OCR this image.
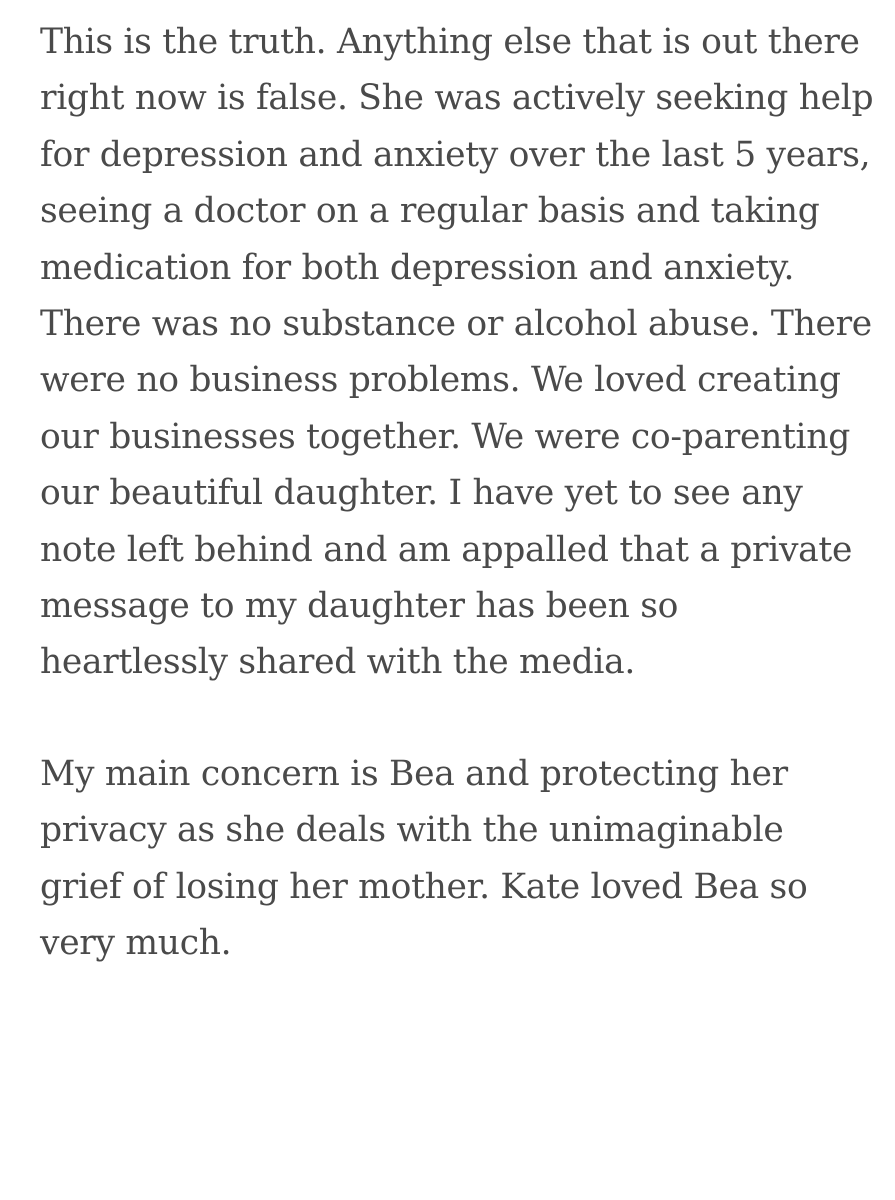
This is the truth. Anything else that is out there right now is false. She was actively seeking help for depression and anxiety over the last 5 years, seeing a doctor on a regular basis and taking medication for both depression and anxiety. There was no substance or alcohol abuse. There were no business problems. We loved creating our businesses together. We were co-parenting our beautiful daughter. I have yet to see any note left behind and am appalled that a private message to my daughter has been so heartlessly shared with the media.

My main concern is Bea and protecting her privacy as she deals with the unimaginable grief of losing her mother. Kate loved Bea so very much.
